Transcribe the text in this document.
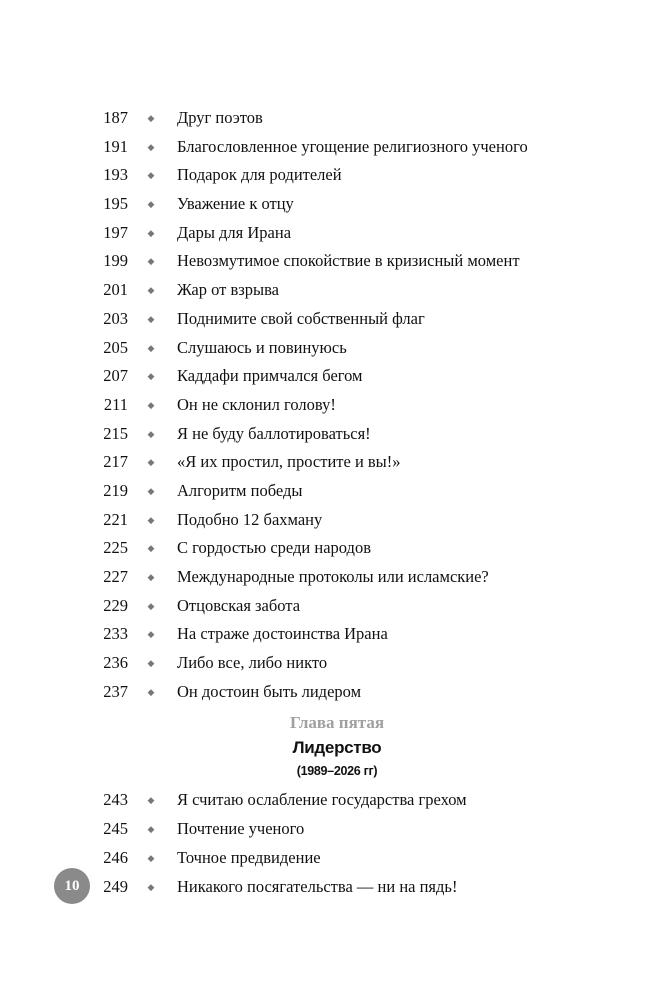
187	◆ Друг поэтов
191	◆ Благословленное угощение религиозного ученого
193	◆ Подарок для родителей
195	◆ Уважение к отцу
197	◆ Дары для Ирана
199	◆ Невозмутимое спокойствие в кризисный момент
201	◆ Жар от взрыва
203	◆ Поднимите свой собственный флаг
205	◆ Слушаюсь и повинуюсь
207	◆ Каддафи примчался бегом
211	◆ Он не склонил голову!
215	◆ Я не буду баллотироваться!
217	◆ «Я их простил, простите и вы!»
219	◆ Алгоритм победы
221	◆ Подобно 12 бахману
225	◆ С гордостью среди народов
227	◆ Международные протоколы или исламские?
229	◆ Отцовская забота
233	◆ На страже достоинства Ирана
236	◆ Либо все, либо никто
237	◆ Он достоин быть лидером
Глава пятая
Лидерство
(1989–2026 гг)
243	◆ Я считаю ослабление государства грехом
245	◆ Почтение ученого
246	◆ Точное предвидение
249	◆ Никакого посягательства — ни на пядь!
10
